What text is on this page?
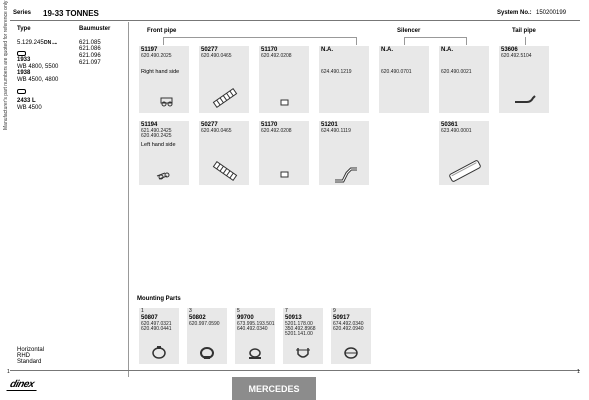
Series 19-33 TONNES	System No.: 150200199
Type	Baumuster
5.129.245 DN ⊶	621.085
621.086
621.096
621.097
1933
WB 4800, 5500
1938
WB 4500, 4800
2433 L
WB 4500
Horizontal
RHD
Standard
Manufacturer's part numbers are quoted for reference only	Front pipe	Silencer	Tail pipe
51197
620.490.2025
Right hand side
50277
620.490.0465
51170
620.492.0208
N.A.
624.490.1219
N.A.
620.490.0701
N.A.
620.490.0021
53606
620.492.5104
51194
621.490.2425
620.490.2425
Left hand side
50277
620.490.0465
51170
620.492.0208
51201
624.490.1119
50361
623.490.0001
Mounting Parts
1
50807
620.497.0321
620.490.0441
3
50802
620.997.0590
5
99700
673.995.193.501
640.492.0340
7
50913
5201.178.00
350.492.8968
5201.141.00
9
50917
674.492.0340
620.492.0940
1	1
dinex	MERCEDES
